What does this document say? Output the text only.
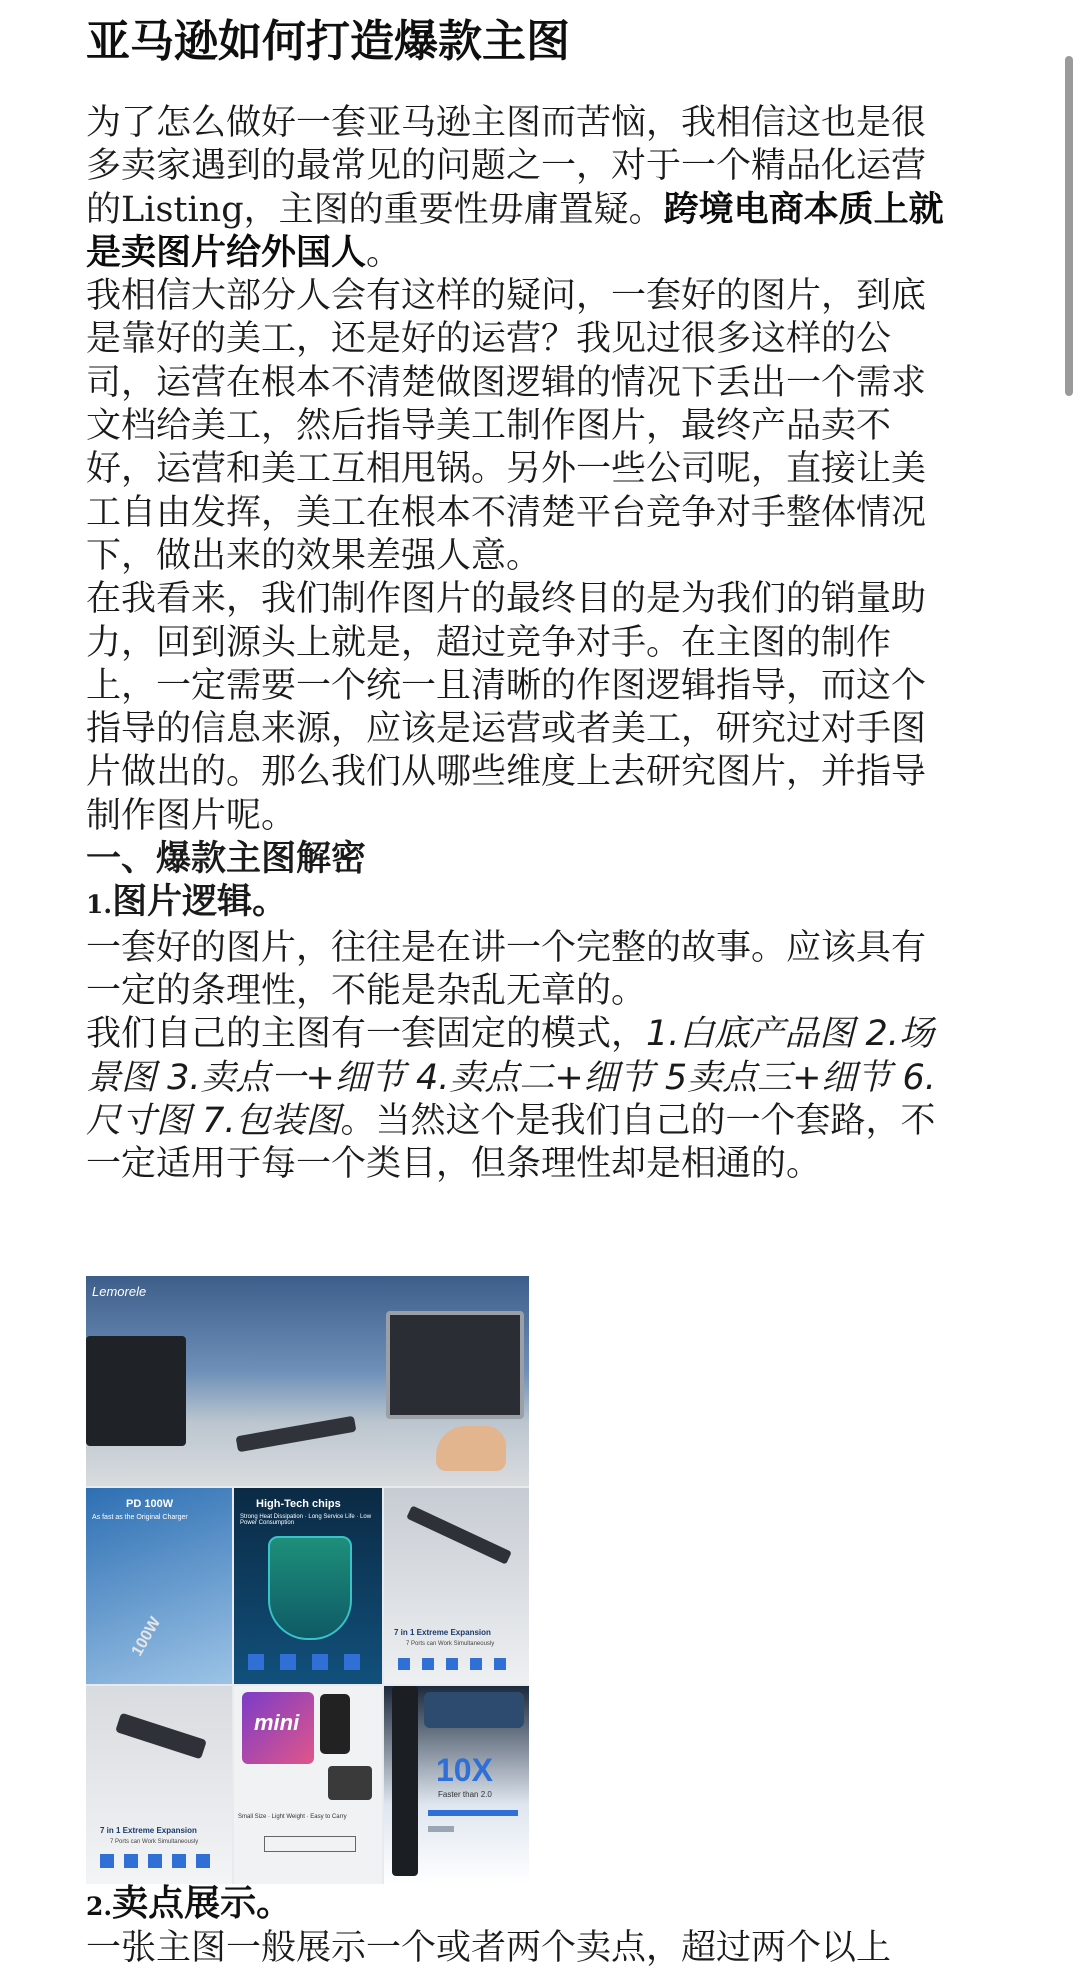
亚马逊如何打造爆款主图

为了怎么做好一套亚马逊主图而苦恼，我相信这也是很多卖家遇到的最常见的问题之一，对于一个精品化运营的Listing，主图的重要性毋庸置疑。跨境电商本质上就是卖图片给外国人。

我相信大部分人会有这样的疑问，一套好的图片，到底是靠好的美工，还是好的运营？我见过很多这样的公司，运营在根本不清楚做图逻辑的情况下丢出一个需求文档给美工，然后指导美工制作图片，最终产品卖不好，运营和美工互相甩锅。另外一些公司呢，直接让美工自由发挥，美工在根本不清楚平台竞争对手整体情况下，做出来的效果差强人意。

在我看来，我们制作图片的最终目的是为我们的销量助力，回到源头上就是，超过竞争对手。在主图的制作上，一定需要一个统一且清晰的作图逻辑指导，而这个指导的信息来源，应该是运营或者美工，研究过对手图片做出的。那么我们从哪些维度上去研究图片，并指导制作图片呢。

一、爆款主图解密

1.图片逻辑。

一套好的图片，往往是在讲一个完整的故事。应该具有一定的条理性，不能是杂乱无章的。

我们自己的主图有一套固定的模式，1.白底产品图 2.场景图 3.卖点一+细节 4.卖点二+细节 5卖点三+细节 6.尺寸图 7.包装图。当然这个是我们自己的一个套路，不一定适用于每一个类目，但条理性却是相通的。

Lemorele
PD 100W
As fast as the Original Charger
100W
High-Tech chips
Strong Heat Dissipation · Long Service Life · Low Power Consumption
7 in 1 Extreme Expansion
7 Ports can Work Simultaneously
7 in 1 Extreme Expansion
7 Ports can Work Simultaneously
mini
Small Size · Light Weight · Easy to Carry
10X
Faster than 2.0
2.卖点展示。
一张主图一般展示一个或者两个卖点，超过两个以上
